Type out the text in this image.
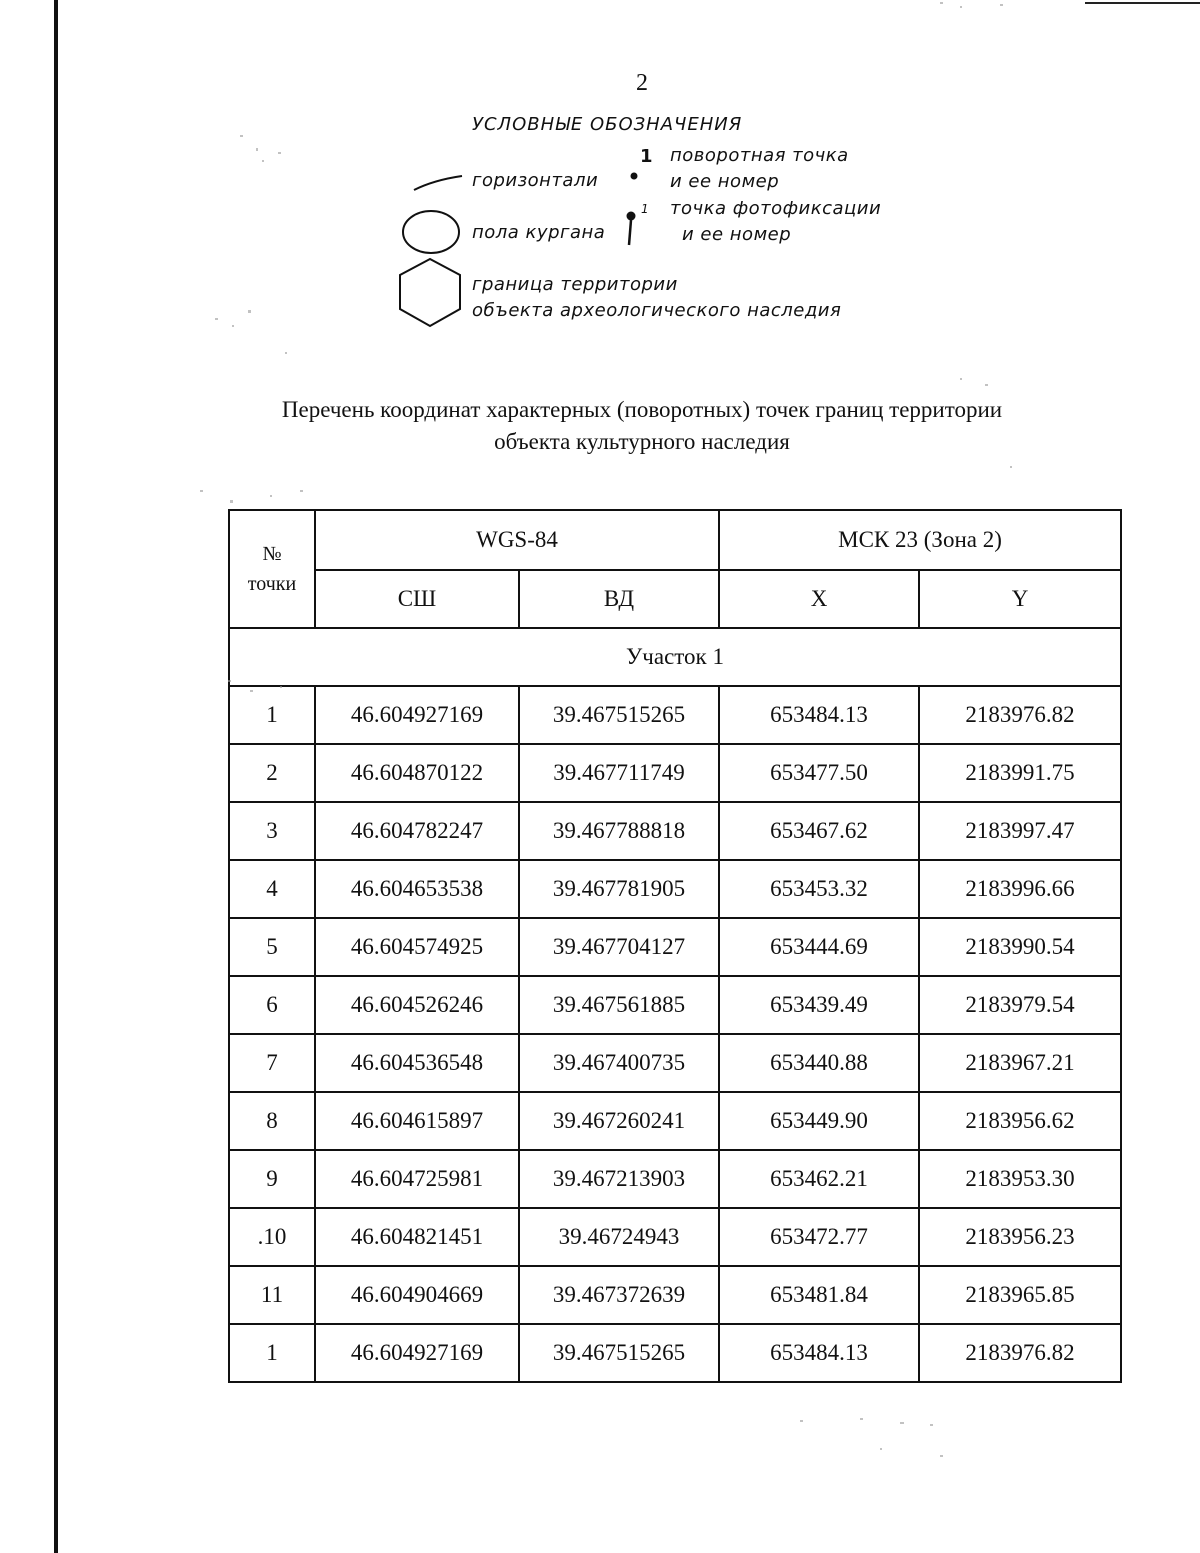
2
УСЛОВНЫЕ ОБОЗНАЧЕНИЯ
горизонтали
1 поворотная точка
и ее номер
1 точка фотофиксации
и ее номер
пола кургана
граница территории
объекта археологического наследия
Перечень координат характерных (поворотных) точек границ территории
объекта культурного наследия
№
точки	WGS-84		МСК 23 (Зона 2)	
	СШ	ВД	X	Y
Участок 1				
1	46.604927169	39.467515265	653484.13	2183976.82
2	46.604870122	39.467711749	653477.50	2183991.75
3	46.604782247	39.467788818	653467.62	2183997.47
4	46.604653538	39.467781905	653453.32	2183996.66
5	46.604574925	39.467704127	653444.69	2183990.54
6	46.604526246	39.467561885	653439.49	2183979.54
7	46.604536548	39.467400735	653440.88	2183967.21
8	46.604615897	39.467260241	653449.90	2183956.62
9	46.604725981	39.467213903	653462.21	2183953.30
.10	46.604821451	39.46724943	653472.77	2183956.23
11	46.604904669	39.467372639	653481.84	2183965.85
1	46.604927169	39.467515265	653484.13	2183976.82
